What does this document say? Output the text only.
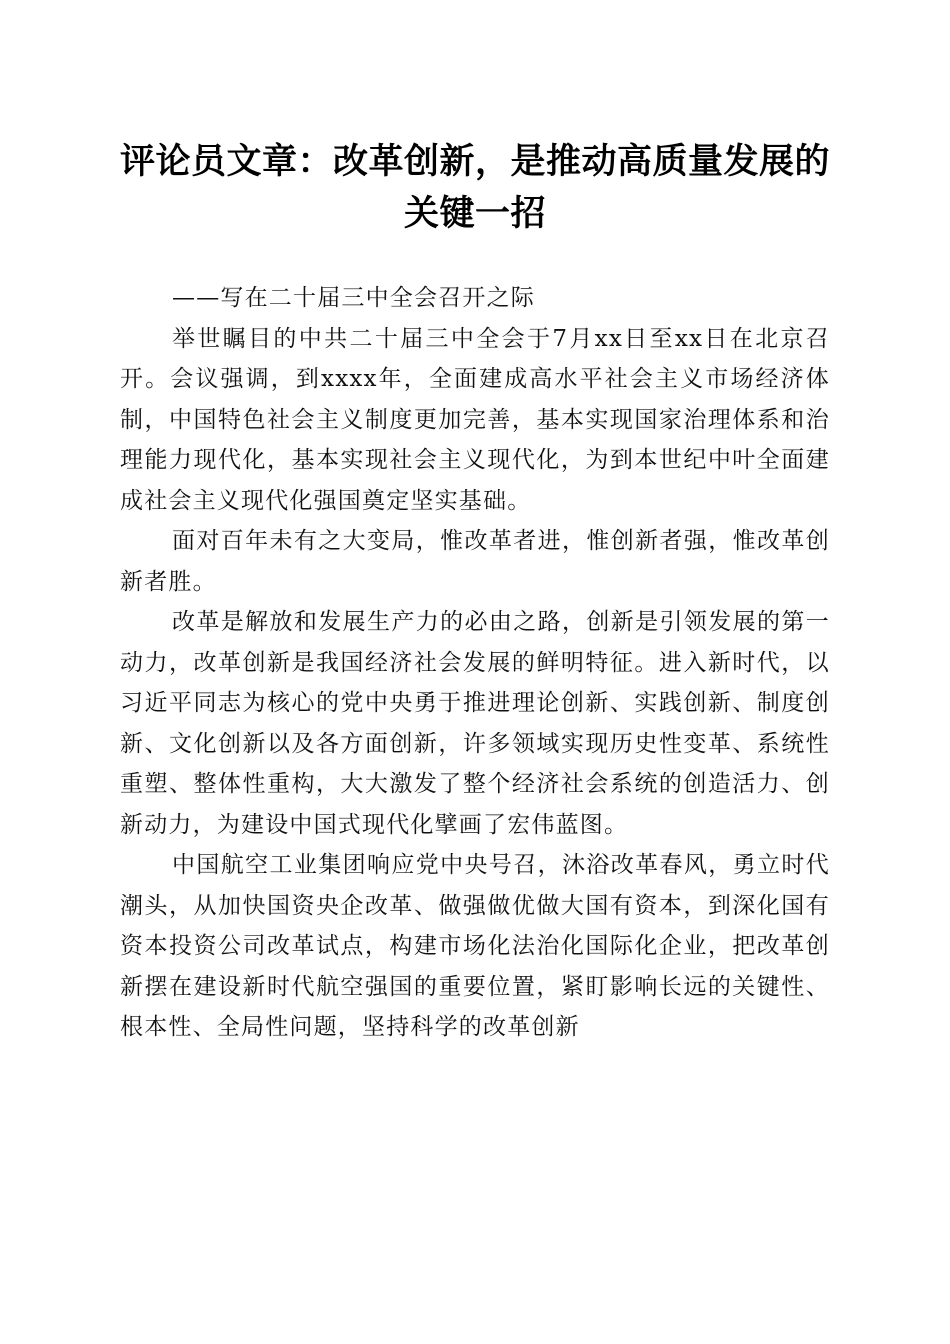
评论员文章：改革创新，是推动高质量发展的
关键一招

——写在二十届三中全会召开之际

举世瞩目的中共二十届三中全会于7月xx日至xx日在北京召开。会议强调，到xxxx年，全面建成高水平社会主义市场经济体制，中国特色社会主义制度更加完善，基本实现国家治理体系和治理能力现代化，基本实现社会主义现代化，为到本世纪中叶全面建成社会主义现代化强国奠定坚实基础。

面对百年未有之大变局，惟改革者进，惟创新者强，惟改革创新者胜。

改革是解放和发展生产力的必由之路，创新是引领发展的第一动力，改革创新是我国经济社会发展的鲜明特征。进入新时代，以习近平同志为核心的党中央勇于推进理论创新、实践创新、制度创新、文化创新以及各方面创新，许多领域实现历史性变革、系统性重塑、整体性重构，大大激发了整个经济社会系统的创造活力、创新动力，为建设中国式现代化擘画了宏伟蓝图。

中国航空工业集团响应党中央号召，沐浴改革春风，勇立时代潮头，从加快国资央企改革、做强做优做大国有资本，到深化国有资本投资公司改革试点，构建市场化法治化国际化企业，把改革创新摆在建设新时代航空强国的重要位置，紧盯影响长远的关键性、根本性、全局性问题，坚持科学的改革创新
